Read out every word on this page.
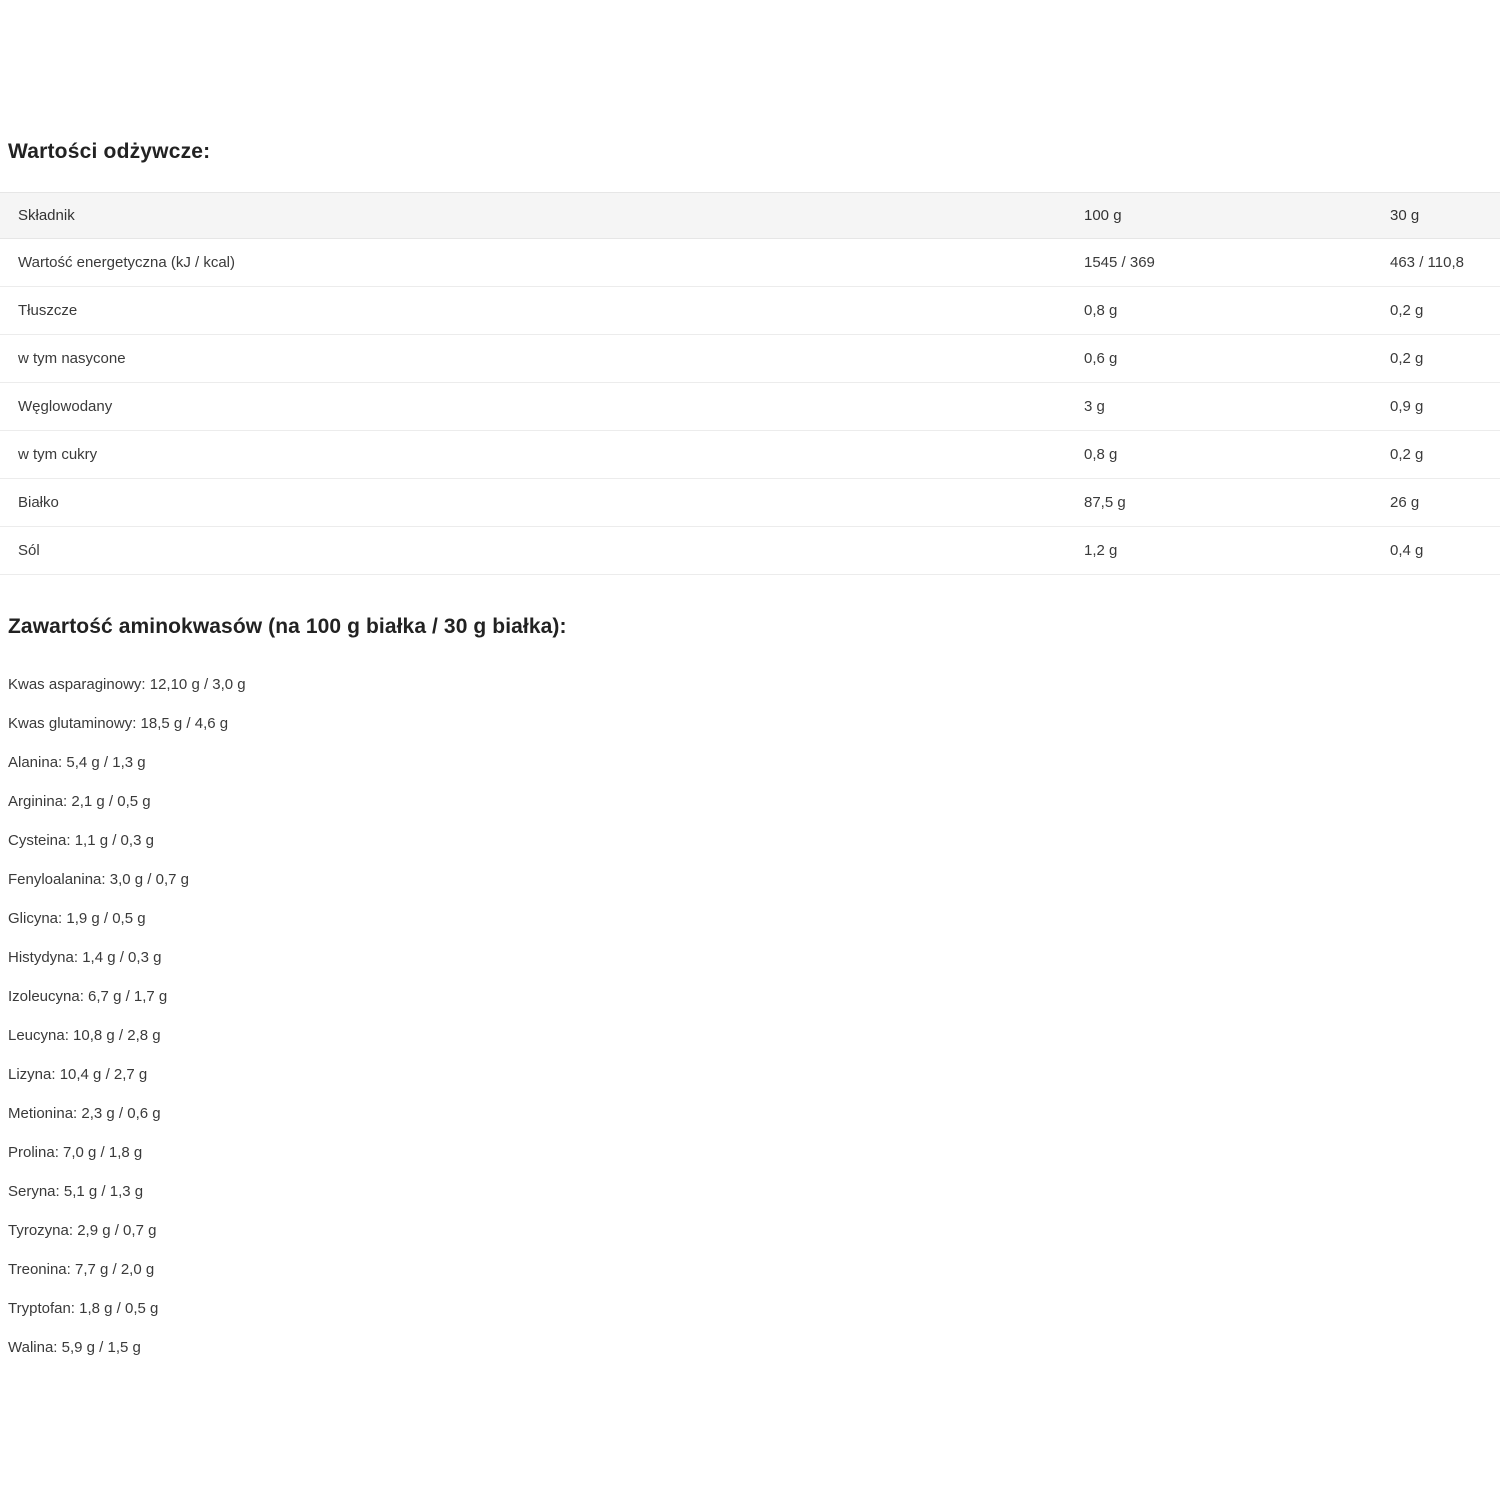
Wartości odżywcze:
Składnik	100 g	30 g
Wartość energetyczna (kJ / kcal)	1545 / 369	463 / 110,8
Tłuszcze	0,8 g	0,2 g
w tym nasycone	0,6 g	0,2 g
Węglowodany	3 g	0,9 g
w tym cukry	0,8 g	0,2 g
Białko	87,5 g	26 g
Sól	1,2 g	0,4 g
Zawartość aminokwasów (na 100 g białka / 30 g białka):
Kwas asparaginowy: 12,10 g / 3,0 g
Kwas glutaminowy: 18,5 g / 4,6 g
Alanina: 5,4 g / 1,3 g
Arginina: 2,1 g / 0,5 g
Cysteina: 1,1 g / 0,3 g
Fenyloalanina: 3,0 g / 0,7 g
Glicyna: 1,9 g / 0,5 g
Histydyna: 1,4 g / 0,3 g
Izoleucyna: 6,7 g / 1,7 g
Leucyna: 10,8 g / 2,8 g
Lizyna: 10,4 g / 2,7 g
Metionina: 2,3 g / 0,6 g
Prolina: 7,0 g / 1,8 g
Seryna: 5,1 g / 1,3 g
Tyrozyna: 2,9 g / 0,7 g
Treonina: 7,7 g / 2,0 g
Tryptofan: 1,8 g / 0,5 g
Walina: 5,9 g / 1,5 g
